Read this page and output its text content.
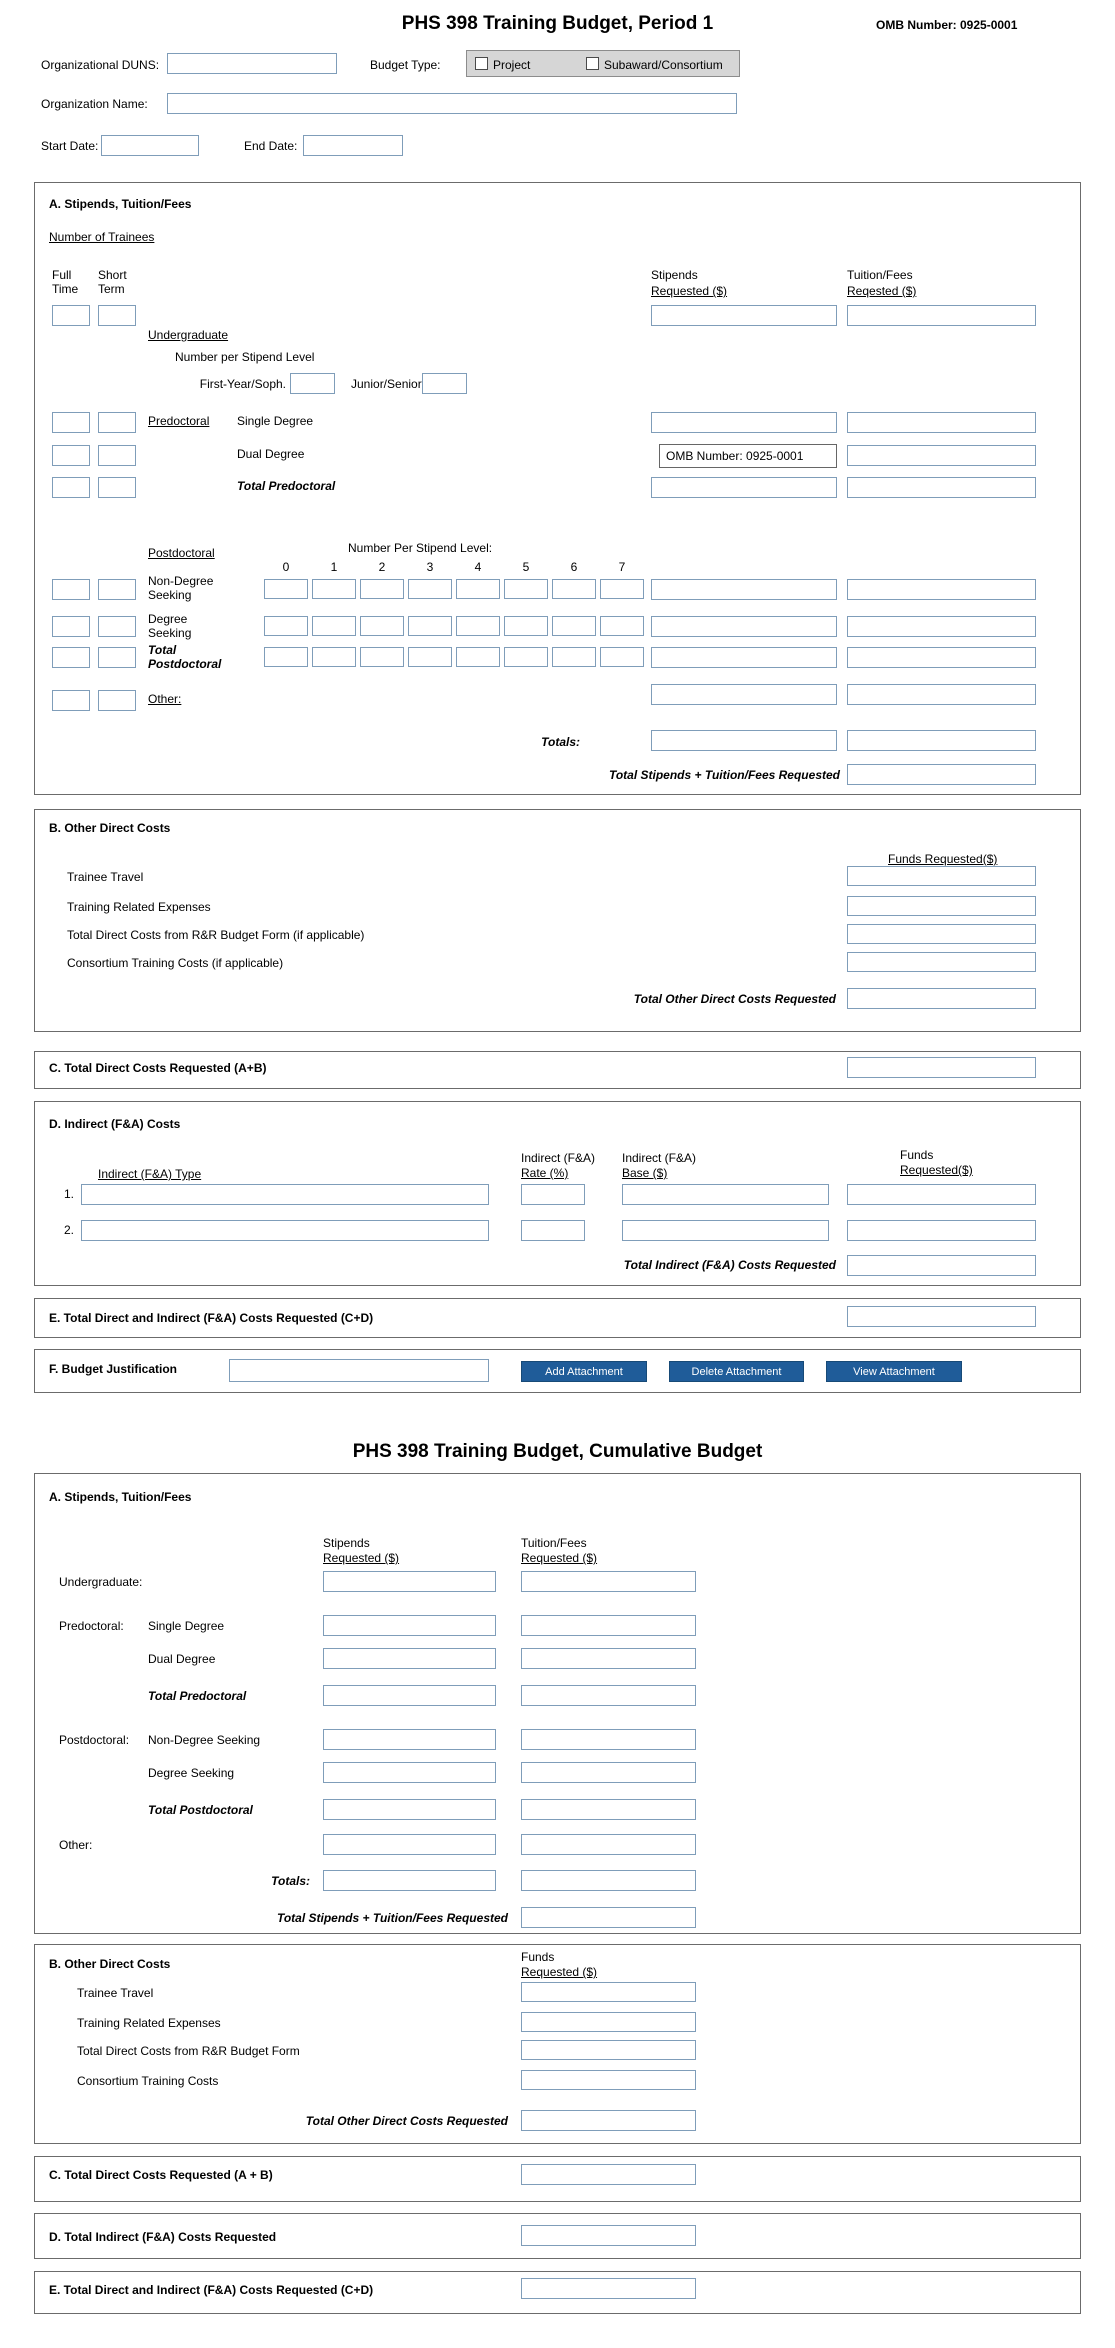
PHS 398 Training Budget, Period 1	OMB Number: 0925-0001
Organizational DUNS:	Budget Type:	Project	Subaward/Consortium
Organization Name:
Start Date:	End Date:
A. Stipends, Tuition/Fees
Number of Trainees
Full Time
Short Term
Stipends
Requested ($)
Tuition/Fees
Reqested ($)
Undergraduate
Number per Stipend Level
First-Year/Soph.	Junior/Senior
Predoctoral Single Degree
Dual Degree	OMB Number: 0925-0001
Total Predoctoral
Postdoctoral	Number Per Stipend Level:
0	1	2	3	4	5	6	7
Non-Degree Seeking
Degree Seeking
Total Postdoctoral
Other:
Totals:
Total Stipends + Tuition/Fees Requested
B. Other Direct Costs
Funds Requested($)
Trainee Travel
Training Related Expenses
Total Direct Costs from R&R Budget Form (if applicable)
Consortium Training Costs (if applicable)
Total Other Direct Costs Requested
C. Total Direct Costs Requested (A+B)
D. Indirect (F&A) Costs
Indirect (F&A) Type
Indirect (F&A)
Rate (%)
Indirect (F&A)
Base ($)
Funds
Requested($)
1.
2.
Total Indirect (F&A) Costs Requested
E. Total Direct and Indirect (F&A) Costs Requested (C+D)
F. Budget Justification	Add Attachment	Delete Attachment	View Attachment
PHS 398 Training Budget, Cumulative Budget
A. Stipends, Tuition/Fees
Stipends
Requested ($)
Tuition/Fees
Requested ($)
Undergraduate:
Predoctoral: Single Degree
Dual Degree
Total Predoctoral
Postdoctoral: Non-Degree Seeking
Degree Seeking
Total Postdoctoral
Other:
Totals:
Total Stipends + Tuition/Fees Requested
B. Other Direct Costs	Funds
Requested ($)
Trainee Travel
Training Related Expenses
Total Direct Costs from R&R Budget Form
Consortium Training Costs
Total Other Direct Costs Requested
C. Total Direct Costs Requested (A + B)
D. Total Indirect (F&A) Costs Requested
E. Total Direct and Indirect (F&A) Costs Requested (C+D)
